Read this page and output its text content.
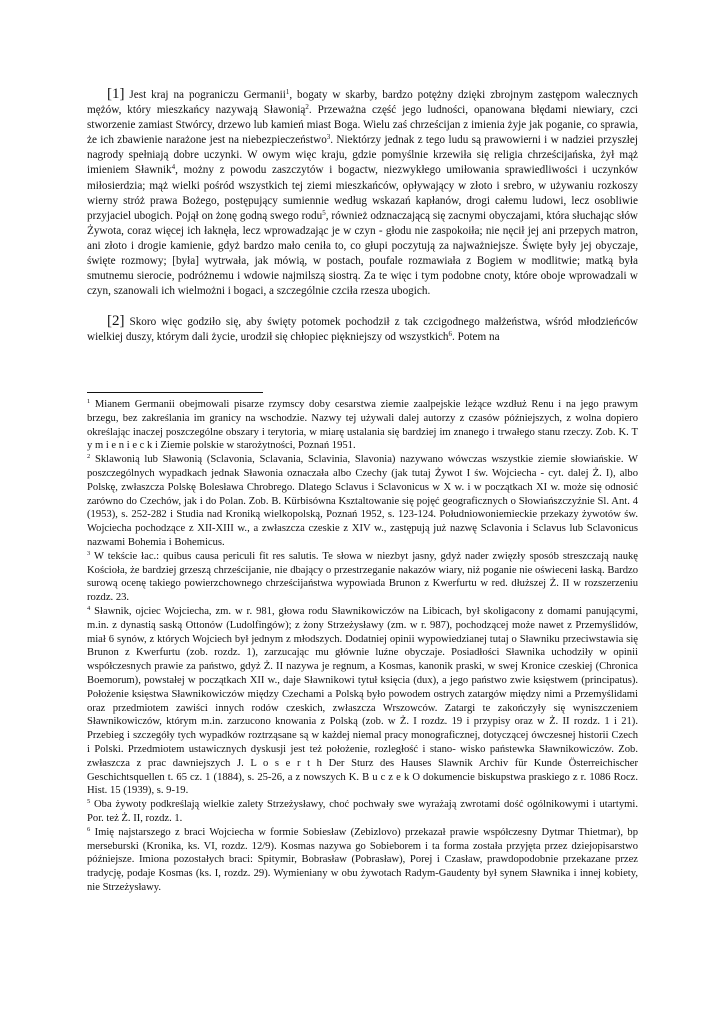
[1] Jest kraj na pograniczu Germanii$^1$, bogaty w skarby, bardzo potężny dzięki zbrojnym zastępom walecznych mężów, który mieszkańcy nazywają Sławonią$^2$. Przeważna część jego ludności, opanowana błędami niewiary, czci stworzenie zamiast Stwórcy, drzewo lub kamień miast Boga. Wielu zaś chrześcijan z imienia żyje jak poganie, co sprawia, że ich zbawienie narażone jest na niebezpieczeństwo$^3$. Niektórzy jednak z tego ludu są prawowierni i w nadziei przyszłej nagrody spełniają dobre uczynki. W owym więc kraju, gdzie pomyślnie krzewiła się religia chrześcijańska, żył mąż imieniem Sławnik$^4$, możny z powodu zaszczytów i bogactw, niezwykłego umiłowania sprawiedliwości i uczynków miłosierdzia; mąż wielki pośród wszystkich tej ziemi mieszkańców, opływający w złoto i srebro, w używaniu rozkoszy wierny stróż prawa Bożego, postępujący sumiennie według wskazań kapłanów, drogi całemu ludowi, lecz osobliwie przyjaciel ubogich. Pojął on żonę godną swego rodu$^5$, również odznaczającą się zacnymi obyczajami, która słuchając słów Żywota, coraz więcej ich łaknęła, lecz wprowadzając je w czyn - głodu nie zaspokoiła; nie nęcił jej ani przepych matron, ani złoto i drogie kamienie, gdyż bardzo mało ceniła to, co głupi poczytują za najważniejsze. Święte były jej obyczaje, święte rozmowy; [była] wytrwała, jak mówią, w postach, poufale rozmawiała z Bogiem w modlitwie; matką była smutnemu sierocie, podróżnemu i wdowie najmilszą siostrą. Za te więc i tym podobne cnoty, które oboje wprowadzali w czyn, szanowali ich wielmożni i bogaci, a szczególnie czciła rzesza ubogich.

[2] Skoro więc godziło się, aby święty potomek pochodził z tak czcigodnego małżeństwa, wśród młodzieńców wielkiej duszy, którym dali życie, urodził się chłopiec piękniejszy od wszystkich$^6$. Potem na

$^1$ Mianem Germanii obejmowali pisarze rzymscy doby cesarstwa ziemie zaalpejskie leżące wzdłuż Renu i na jego prawym brzegu, bez zakreślania im granicy na wschodzie. Nazwy tej używali dalej autorzy z czasów późniejszych, z wolna dopiero określając inaczej poszczególne obszary i terytoria, w miarę ustalania się bardziej im znanego i trwałego stanu rzeczy. Zob. K. T y m i e n i e c k i Ziemie polskie w starożytności, Poznań 1951.

$^2$ Sklawonią lub Sławonią (Sclavonia, Sclavania, Sclavinia, Slavonia) nazywano wówczas wszystkie ziemie słowiańskie. W poszczególnych wypadkach jednak Sławonia oznaczała albo Czechy (jak tutaj Żywot I św. Wojciecha - cyt. dalej Ż. I), albo Polskę, zwłaszcza Polskę Bolesława Chrobrego. Dlatego Sclavus i Sclavonicus w X w. i w początkach XI w. może się odnosić zarówno do Czechów, jak i do Polan. Zob. B. Kürbisówna Ksztaltowanie się pojęć geograficznych o Słowiańszczyźnie Sl. Ant. 4 (1953), s. 252-282 i Studia nad Kroniką wielkopolską, Poznań 1952, s. 123-124. Południowoniemieckie przekazy żywotów św. Wojciecha pochodzące z XII-XIII w., a zwłaszcza czeskie z XIV w., zastępują już nazwę Sclavonia i Sclavus lub Sclavonicus nazwami Bohemia i Bohemicus.

$^3$ W tekście łac.: quibus causa periculi fit res salutis. Te słowa w niezbyt jasny, gdyż nader zwięzły sposób streszczają naukę Kościoła, że bardziej grzeszą chrześcijanie, nie dbający o przestrzeganie nakazów wiary, niż poganie nie oświeceni łaską. Bardzo surową ocenę takiego powierzchownego chrześcijaństwa wypowiada Brunon z Kwerfurtu w red. dłuższej Ż. II w rozszerzeniu rozdz. 23.

$^4$ Sławnik, ojciec Wojciecha, zm. w r. 981, głowa rodu Sławnikowiczów na Libicach, był skoligacony z domami panującymi, m.in. z dynastią saską Ottonów (Ludolfingów); z żony Strzeżysławy (zm. w r. 987), pochodzącej może nawet z Przemyślidów, miał 6 synów, z których Wojciech był jednym z młodszych. Dodatniej opinii wypowiedzianej tutaj o Sławniku przeciwstawia się Brunon z Kwerfurtu (zob. rozdz. 1), zarzucając mu głównie luźne obyczaje. Posiadłości Sławnika uchodziły w opinii współczesnych prawie za państwo, gdyż Ż. II nazywa je regnum, a Kosmas, kanonik praski, w swej Kronice czeskiej (Chronica Boemorum), powstałej w początkach XII w., daje Sławnikowi tytuł księcia (dux), a jego państwo zwie księstwem (principatus). Położenie księstwa Sławnikowiczów między Czechami a Polską było powodem ostrych zatargów między nimi a Przemyślidami oraz przedmiotem zawiści innych rodów czeskich, zwłaszcza Wrszowców. Zatargi te zakończyły się wyniszczeniem Sławnikowiczów, którym m.in. zarzucono knowania z Polską (zob. w Ż. I rozdz. 19 i przypisy oraz w Ż. II rozdz. 1 i 21). Przebieg i szczegóły tych wypadków roztrząsane są w każdej niemal pracy monograficznej, dotyczącej ówczesnej historii Czech i Polski. Przedmiotem ustawicznych dyskusji jest też położenie, rozległość i stano- wisko państewka Sławnikowiczów. Zob. zwłaszcza z prac dawniejszych J. L o s e r t h Der Sturz des Hauses Slawnik Archiv für Kunde Österreichischer Geschichtsquellen t. 65 cz. 1 (1884), s. 25-26, a z nowszych K. B u c z e k O dokumencie biskupstwa praskiego z r. 1086 Rocz. Hist. 15 (1939), s. 9-19.

$^5$ Oba żywoty podkreślają wielkie zalety Strzeżysławy, choć pochwały swe wyrażają zwrotami dość ogólnikowymi i utartymi. Por. też Ż. II, rozdz. 1.

$^6$ Imię najstarszego z braci Wojciecha w formie Sobiesław (Zebizlovo) przekazał prawie współczesny Dytmar Thietmar), bp merseburski (Kronika, ks. VI, rozdz. 12/9). Kosmas nazywa go Sobieborem i ta forma została przyjęta przez dziejopisarstwo późniejsze. Imiona pozostałych braci: Spitymir, Bobrasław (Pobrasław), Porej i Czasław, prawdopodobnie przekazane przez tradycję, podaje Kosmas (ks. I, rozdz. 29). Wymieniany w obu żywotach Radym-Gaudenty był synem Sławnika i innej kobiety, nie Strzeżysławy.
